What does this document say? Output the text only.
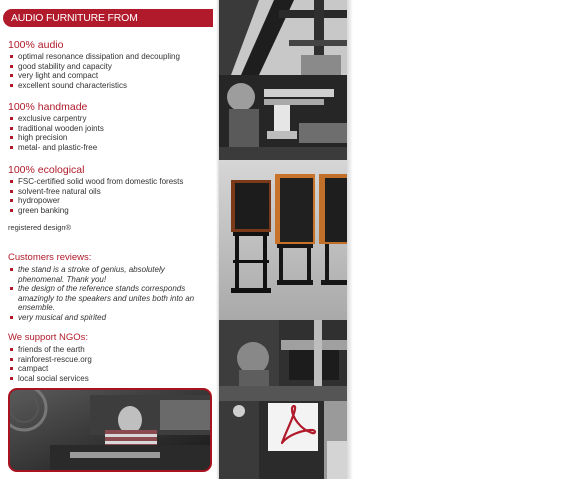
AUDIO FURNITURE FROM TONTRAEGER.AUDIO
100% audio
optimal resonance dissipation and decoupling
good stability and capacity
very light and compact
excellent sound characteristics
100% handmade
exclusive carpentry
traditional wooden joints
high precision
metal- and plastic-free
100% ecological
FSC-certified solid wood from domestic forests
solvent-free natural oils
hydropower
green banking
registered design®
Customers reviews:
the stand is a stroke of genius, absolutely phenomenal. Thank you!
the design of the reference stands corresponds amazingly to the speakers and unites both into an ensemble.
very musical and spirited
We support NGOs:
friends of the earth
rainforest-rescue.org
campact
local social services
